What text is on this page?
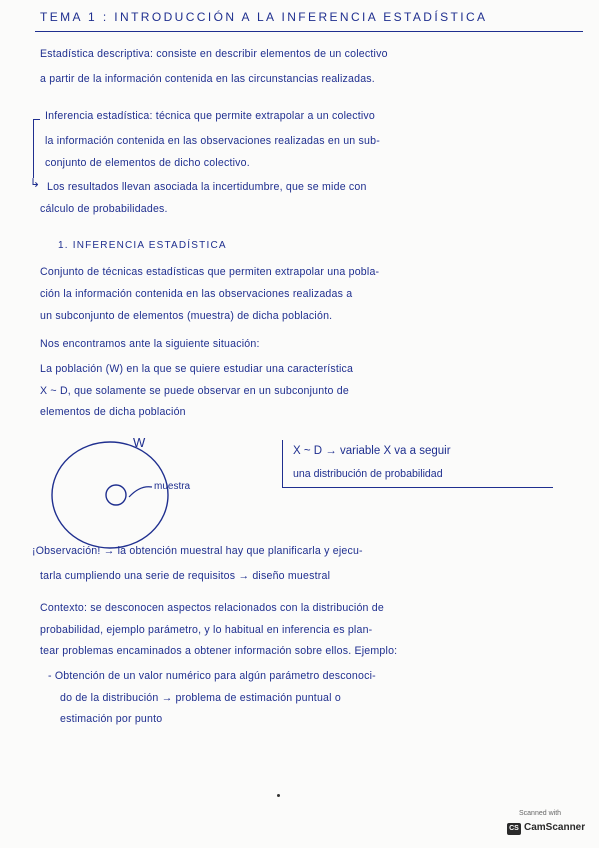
TEMA 1 : INTRODUCCIÓN A LA INFERENCIA ESTADÍSTICA
Estadística descriptiva: consiste en describir elementos de un colectivo
a partir de la información contenida en las circunstancias realizadas.
Inferencia estadística: técnica que permite extrapolar a un colectivo
la información contenida en las observaciones realizadas en un sub-
conjunto de elementos de dicho colectivo.
↳ Los resultados llevan asociada la incertidumbre, que se mide con
cálculo de probabilidades.
1. INFERENCIA ESTADÍSTICA
Conjunto de técnicas estadísticas que permiten extrapolar una pobla-
ción la información contenida en las observaciones realizadas a
un subconjunto de elementos (muestra) de dicha población.
Nos encontramos ante la siguiente situación:
La población (W) en la que se quiere estudiar una característica
X ~ D, que solamente se puede observar en un subconjunto de
elementos de dicha población
W
muestra
X ~ D → variable X va a seguir
una distribución de probabilidad
¡Observación! → la obtención muestral hay que planificarla y ejecu-
tarla cumpliendo una serie de requisitos → diseño muestral
Contexto: se desconocen aspectos relacionados con la distribución de
probabilidad, ejemplo parámetro, y lo habitual en inferencia es plan-
tear problemas encaminados a obtener información sobre ellos. Ejemplo:
- Obtención de un valor numérico para algún parámetro desconoci-
do de la distribución → problema de estimación puntual o
estimación por punto
Scanned with
CS CamScanner
